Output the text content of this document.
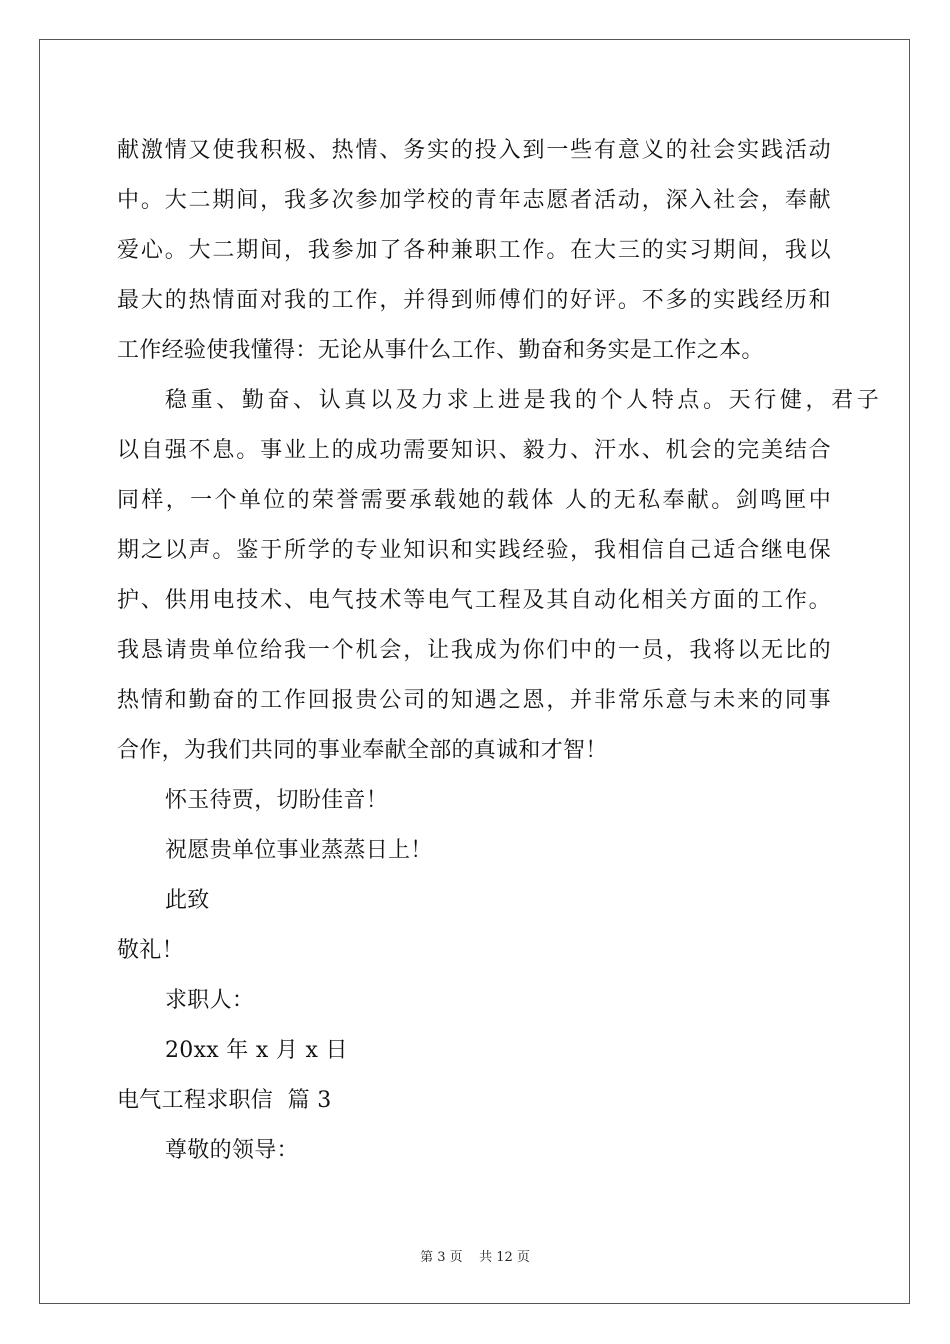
献激情又使我积极、热情、务实的投入到一些有意义的社会实践活动
中。大二期间，我多次参加学校的青年志愿者活动，深入社会，奉献
爱心。大二期间，我参加了各种兼职工作。在大三的实习期间，我以
最大的热情面对我的工作，并得到师傅们的好评。不多的实践经历和
工作经验使我懂得：无论从事什么工作、勤奋和务实是工作之本。
稳重、勤奋、认真以及力求上进是我的个人特点。天行健，君子
以自强不息。事业上的成功需要知识、毅力、汗水、机会的完美结合
同样，一个单位的荣誉需要承载她的载体 人的无私奉献。剑鸣匣中
期之以声。鉴于所学的专业知识和实践经验，我相信自己适合继电保
护、供用电技术、电气技术等电气工程及其自动化相关方面的工作。
我恳请贵单位给我一个机会，让我成为你们中的一员，我将以无比的
热情和勤奋的工作回报贵公司的知遇之恩，并非常乐意与未来的同事
合作，为我们共同的事业奉献全部的真诚和才智！
怀玉待贾，切盼佳音！
祝愿贵单位事业蒸蒸日上！
此致
敬礼！
求职人：
20xx 年 x 月 x 日
电气工程求职信  篇 3
尊敬的领导：
第 3 页    共 12 页
